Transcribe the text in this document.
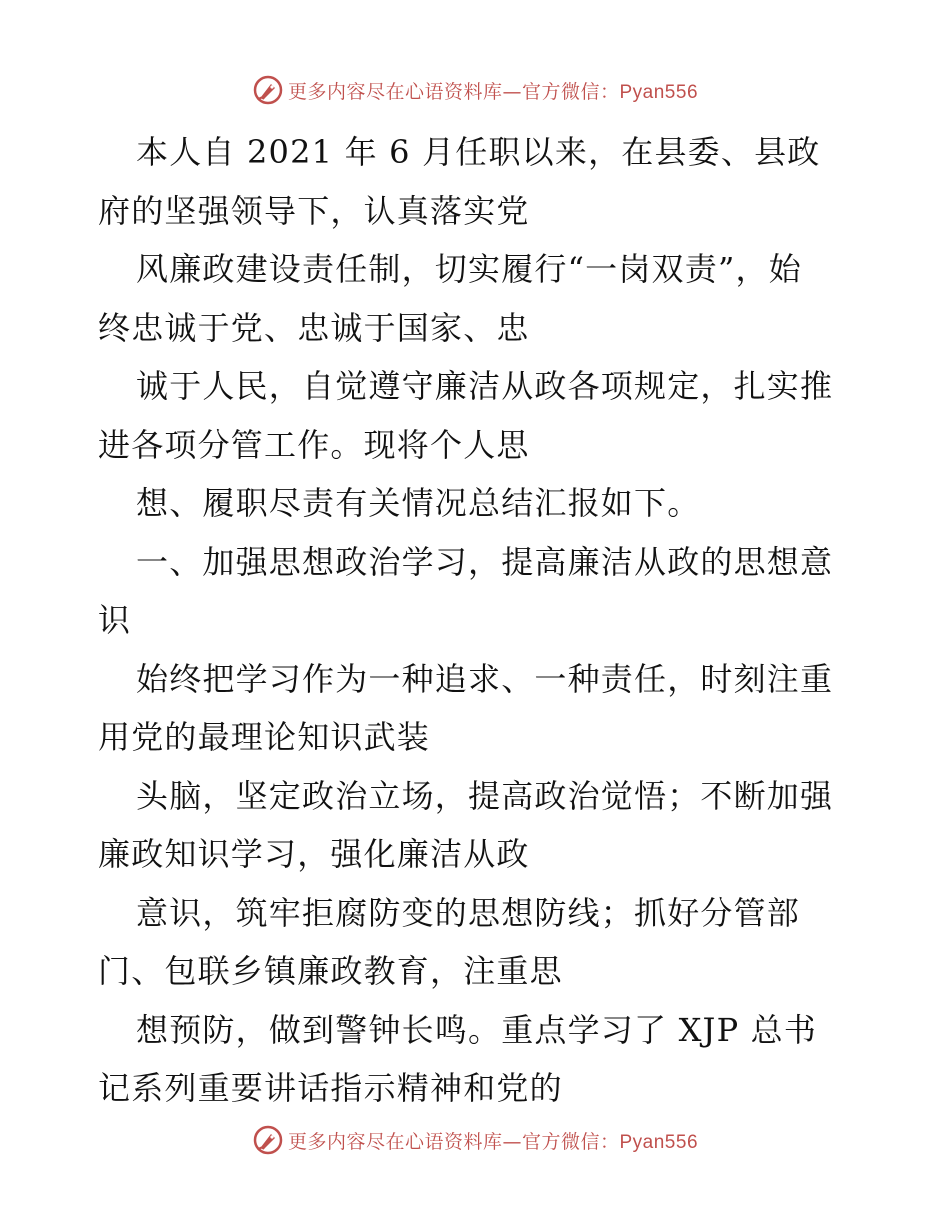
更多内容尽在心语资料库—官方微信：Pyan556
本人自 2021 年 6 月任职以来，在县委、县政
府的坚强领导下，认真落实党
风廉政建设责任制，切实履行“一岗双责”，始
终忠诚于党、忠诚于国家、忠
诚于人民，自觉遵守廉洁从政各项规定，扎实推
进各项分管工作。现将个人思
想、履职尽责有关情况总结汇报如下。
一、加强思想政治学习，提高廉洁从政的思想意
识
始终把学习作为一种追求、一种责任，时刻注重
用党的最理论知识武装
头脑，坚定政治立场，提高政治觉悟；不断加强
廉政知识学习，强化廉洁从政
意识，筑牢拒腐防变的思想防线；抓好分管部
门、包联乡镇廉政教育，注重思
想预防，做到警钟长鸣。重点学习了 XJP 总书
记系列重要讲话指示精神和党的
更多内容尽在心语资料库—官方微信：Pyan556
